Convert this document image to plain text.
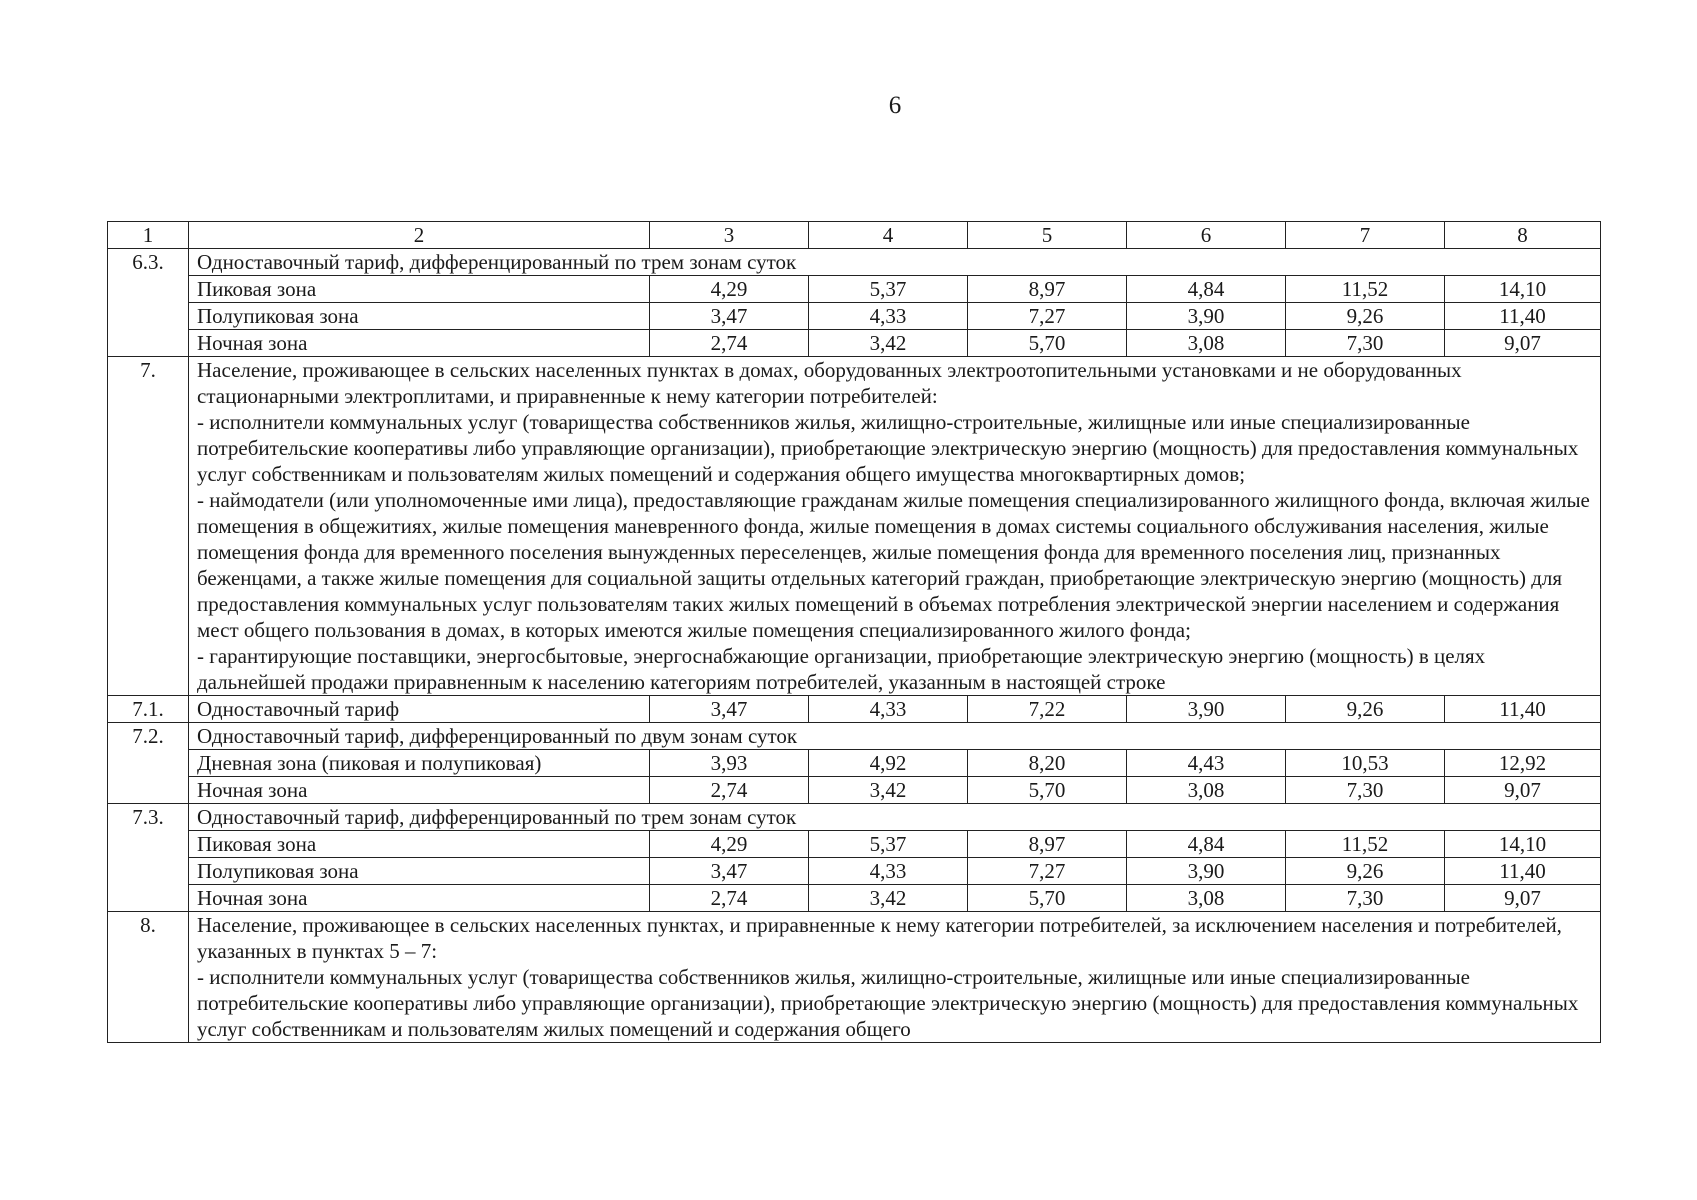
6
1	2	3	4	5	6	7	8
6.3.	Одноставочный тариф, дифференцированный по трем зонам суток						
	Пиковая зона	4,29	5,37	8,97	4,84	11,52	14,10
	Полупиковая зона	3,47	4,33	7,27	3,90	9,26	11,40
	Ночная зона	2,74	3,42	5,70	3,08	7,30	9,07
7.	Население, проживающее в сельских населенных пунктах в домах, оборудованных электроотопительными установками и не оборудованных стационарными электроплитами, и приравненные к нему категории потребителей:
- исполнители коммунальных услуг (товарищества собственников жилья, жилищно-строительные, жилищные или иные специализированные потребительские кооперативы либо управляющие организации), приобретающие электрическую энергию (мощность) для предоставления коммунальных услуг собственникам и пользователям жилых помещений и содержания общего имущества многоквартирных домов;
- наймодатели (или уполномоченные ими лица), предоставляющие гражданам жилые помещения специализированного жилищного фонда, включая жилые помещения в общежитиях, жилые помещения маневренного фонда, жилые помещения в домах системы социального обслуживания населения, жилые помещения фонда для временного поселения вынужденных переселенцев, жилые помещения фонда для временного поселения лиц, признанных беженцами, а также жилые помещения для социальной защиты отдельных категорий граждан, приобретающие электрическую энергию (мощность) для предоставления коммунальных услуг пользователям таких жилых помещений в объемах потребления электрической энергии населением и содержания мест общего пользования в домах, в которых имеются жилые помещения специализированного жилого фонда;
- гарантирующие поставщики, энергосбытовые, энергоснабжающие организации, приобретающие электрическую энергию (мощность) в целях дальнейшей продажи приравненным к населению категориям потребителей, указанным в настоящей строке						

7.1.	Одноставочный тариф	3,47	4,33	7,22	3,90	9,26	11,40
7.2.	Одноставочный тариф, дифференцированный по двум зонам суток						
	Дневная зона (пиковая и полупиковая)	3,93	4,92	8,20	4,43	10,53	12,92
	Ночная зона	2,74	3,42	5,70	3,08	7,30	9,07
7.3.	Одноставочный тариф, дифференцированный по трем зонам суток						
	Пиковая зона	4,29	5,37	8,97	4,84	11,52	14,10
	Полупиковая зона	3,47	4,33	7,27	3,90	9,26	11,40
	Ночная зона	2,74	3,42	5,70	3,08	7,30	9,07
8.	Население, проживающее в сельских населенных пунктах, и приравненные к нему категории потребителей, за исключением населения и потребителей, указанных в пунктах 5 – 7:
- исполнители коммунальных услуг (товарищества собственников жилья, жилищно-строительные, жилищные или иные специализированные потребительские кооперативы либо управляющие организации), приобретающие электрическую энергию (мощность) для предоставления коммунальных услуг собственникам и пользователям жилых помещений и содержания общего						
